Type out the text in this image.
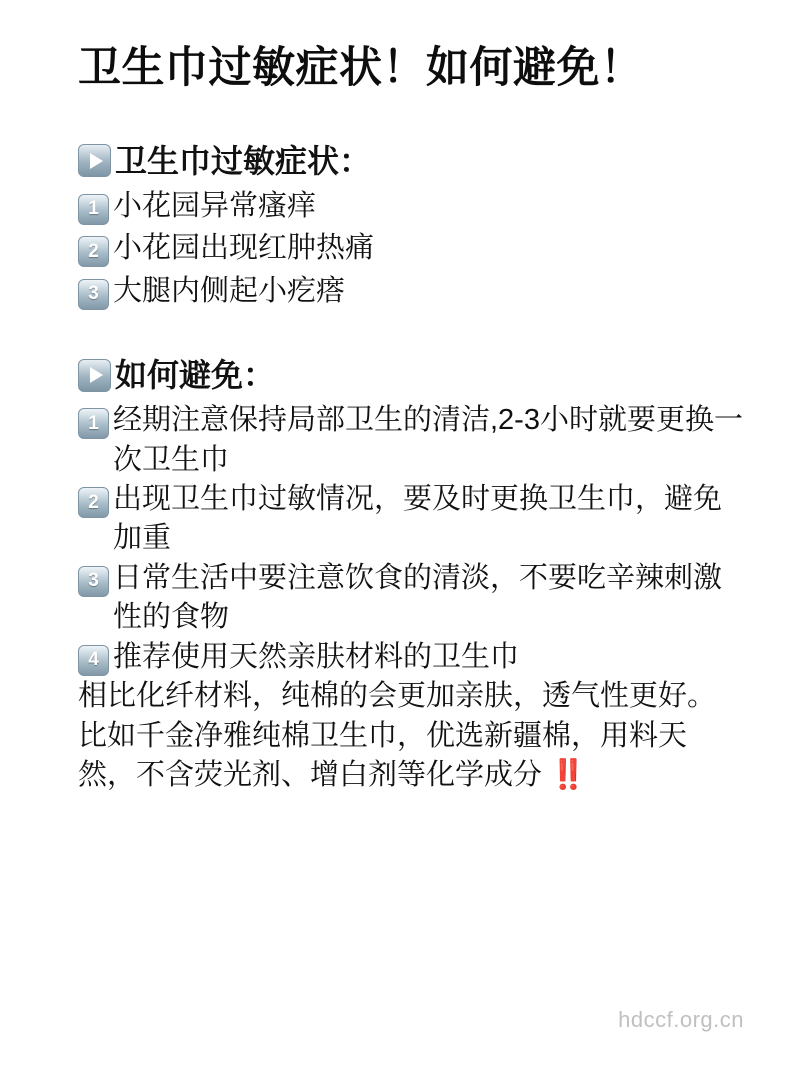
卫生巾过敏症状！如何避免！
卫生巾过敏症状：
1 小花园异常瘙痒
2 小花园出现红肿热痛
3 大腿内侧起小疙瘩
如何避免：
1 经期注意保持局部卫生的清洁,2-3小时就要更换一次卫生巾
2 出现卫生巾过敏情况，要及时更换卫生巾，避免加重
3 日常生活中要注意饮食的清淡，不要吃辛辣刺激性的食物
4 推荐使用天然亲肤材料的卫生巾

相比化纤材料，纯棉的会更加亲肤，透气性更好。比如千金净雅纯棉卫生巾，优选新疆棉，用料天然，不含荧光剂、增白剂等化学成分 ‼️

hdccf.org.cn
